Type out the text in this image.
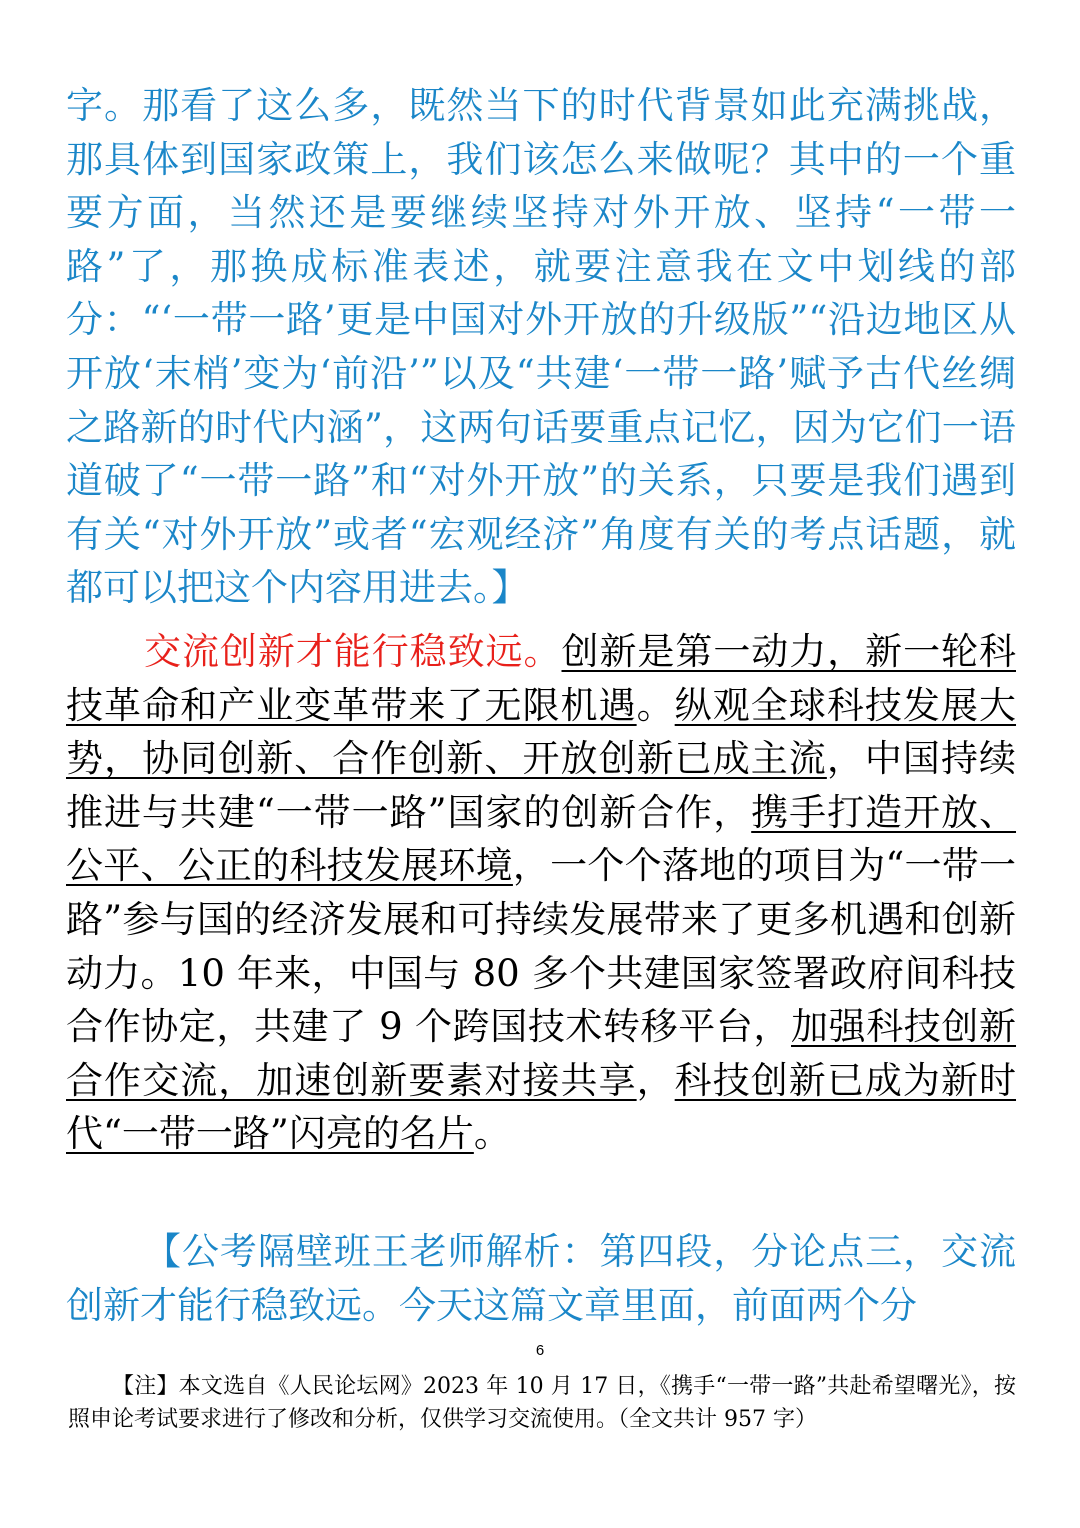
字。那看了这么多，既然当下的时代背景如此充满挑战，那具体到国家政策上，我们该怎么来做呢？其中的一个重要方面，当然还是要继续坚持对外开放、坚持“一带一路”了，那换成标准表述，就要注意我在文中划线的部分：“‘一带一路’更是中国对外开放的升级版”“沿边地区从开放‘末梢’变为‘前沿’”以及“共建‘一带一路’赋予古代丝绸之路新的时代内涵”，这两句话要重点记忆，因为它们一语道破了“一带一路”和“对外开放”的关系，只要是我们遇到有关“对外开放”或者“宏观经济”角度有关的考点话题，就都可以把这个内容用进去。】

交流创新才能行稳致远。创新是第一动力，新一轮科技革命和产业变革带来了无限机遇。纵观全球科技发展大势，协同创新、合作创新、开放创新已成主流，中国持续推进与共建“一带一路”国家的创新合作，携手打造开放、公平、公正的科技发展环境，一个个落地的项目为“一带一路”参与国的经济发展和可持续发展带来了更多机遇和创新动力。10 年来，中国与 80 多个共建国家签署政府间科技合作协定，共建了 9 个跨国技术转移平台，加强科技创新合作交流，加速创新要素对接共享，科技创新已成为新时代“一带一路”闪亮的名片。

【公考隔壁班王老师解析：第四段，分论点三，交流创新才能行稳致远。今天这篇文章里面，前面两个分

6

【注】本文选自《人民论坛网》2023 年 10 月 17 日，《携手“一带一路”共赴希望曙光》，按照申论考试要求进行了修改和分析，仅供学习交流使用。（全文共计 957 字）
